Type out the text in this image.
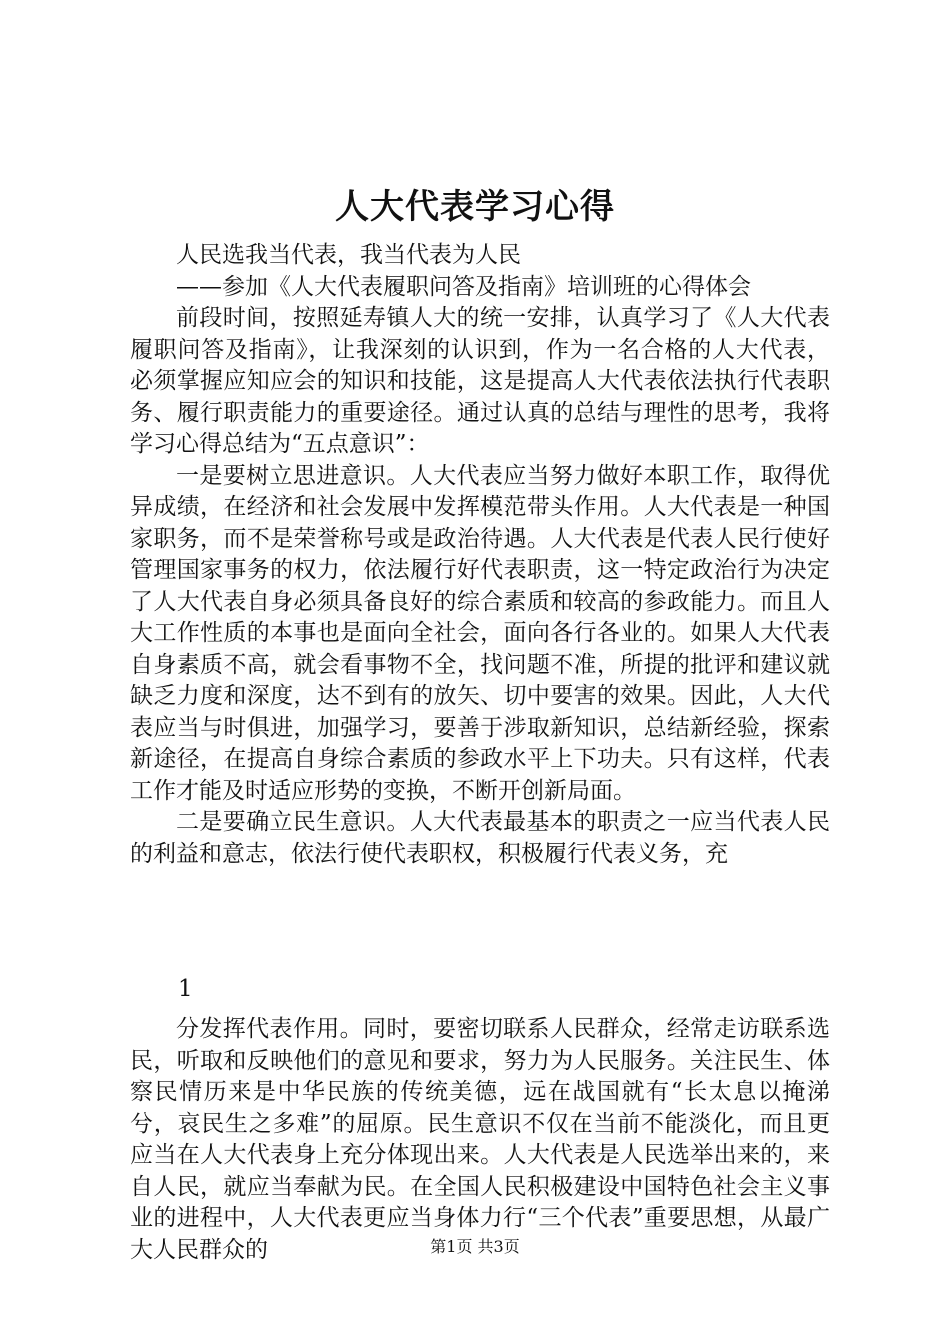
人大代表学习心得

人民选我当代表，我当代表为人民

——参加《人大代表履职问答及指南》培训班的心得体会

前段时间，按照延寿镇人大的统一安排，认真学习了《人大代表履职问答及指南》，让我深刻的认识到，作为一名合格的人大代表，必须掌握应知应会的知识和技能，这是提高人大代表依法执行代表职务、履行职责能力的重要途径。通过认真的总结与理性的思考，我将学习心得总结为“五点意识”：

一是要树立思进意识。人大代表应当努力做好本职工作，取得优异成绩，在经济和社会发展中发挥模范带头作用。人大代表是一种国家职务，而不是荣誉称号或是政治待遇。人大代表是代表人民行使好管理国家事务的权力，依法履行好代表职责，这一特定政治行为决定了人大代表自身必须具备良好的综合素质和较高的参政能力。而且人大工作性质的本事也是面向全社会，面向各行各业的。如果人大代表自身素质不高，就会看事物不全，找问题不准，所提的批评和建议就缺乏力度和深度，达不到有的放矢、切中要害的效果。因此，人大代表应当与时俱进，加强学习，要善于涉取新知识，总结新经验，探索新途径，在提高自身综合素质的参政水平上下功夫。只有这样，代表工作才能及时适应形势的变换，不断开创新局面。

二是要确立民生意识。人大代表最基本的职责之一应当代表人民的利益和意志，依法行使代表职权，积极履行代表义务，充

1

分发挥代表作用。同时，要密切联系人民群众，经常走访联系选民，听取和反映他们的意见和要求，努力为人民服务。关注民生、体察民情历来是中华民族的传统美德，远在战国就有“长太息以掩涕兮，哀民生之多难”的屈原。民生意识不仅在当前不能淡化，而且更应当在人大代表身上充分体现出来。人大代表是人民选举出来的，来自人民，就应当奉献为民。在全国人民积极建设中国特色社会主义事业的进程中，人大代表更应当身体力行“三个代表”重要思想，从最广大人民群众的	第1页 共3页
